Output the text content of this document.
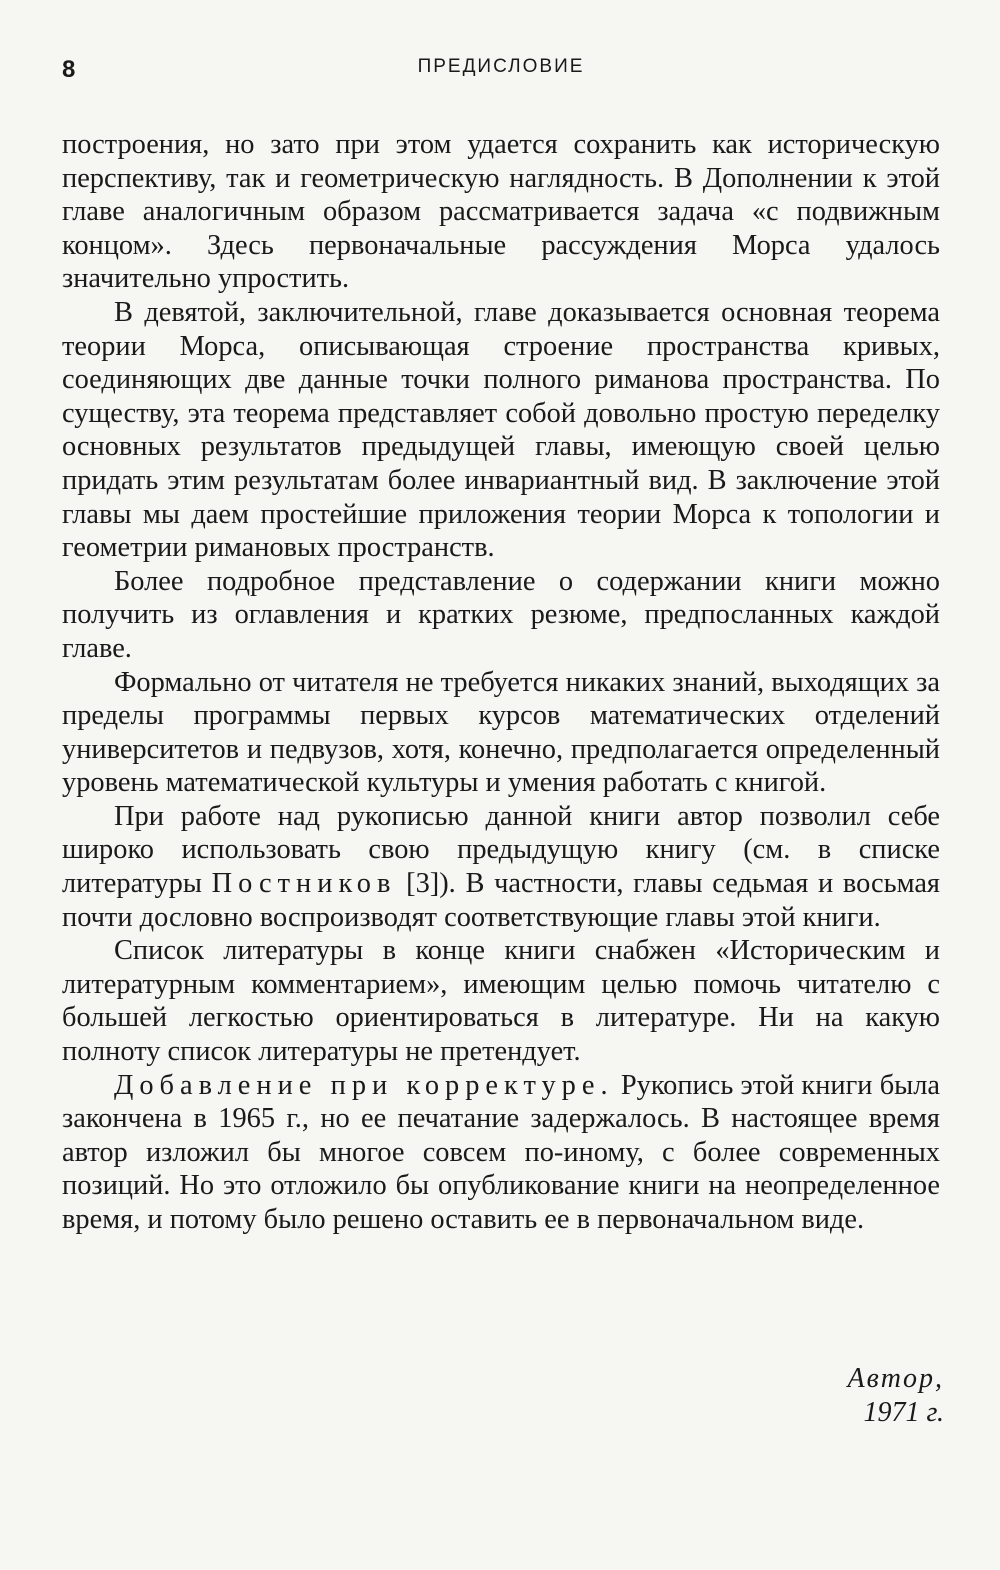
8	ПРЕДИСЛОВИЕ

построения, но зато при этом удается сохранить как историческую перспективу, так и геометрическую наглядность. В Дополнении к этой главе аналогичным образом рассматривается задача «с подвижным концом». Здесь первоначальные рассуждения Морса удалось значительно упростить.

В девятой, заключительной, главе доказывается основная теорема теории Морса, описывающая строение пространства кривых, соединяющих две данные точки полного риманова пространства. По существу, эта теорема представляет собой довольно простую переделку основных результатов предыдущей главы, имеющую своей целью придать этим результатам более инвариантный вид. В заключение этой главы мы даем простейшие приложения теории Морса к топологии и геометрии римановых пространств.

Более подробное представление о содержании книги можно получить из оглавления и кратких резюме, предпосланных каждой главе.

Формально от читателя не требуется никаких знаний, выходящих за пределы программы первых курсов математических отделений университетов и педвузов, хотя, конечно, предполагается определенный уровень математической культуры и умения работать с книгой.

При работе над рукописью данной книги автор позволил себе широко использовать свою предыдущую книгу (см. в списке литературы Постников [3]). В частности, главы седьмая и восьмая почти дословно воспроизводят соответствующие главы этой книги.

Список литературы в конце книги снабжен «Историческим и литературным комментарием», имеющим целью помочь читателю с большей легкостью ориентироваться в литературе. Ни на какую полноту список литературы не претендует.

Добавление при корректуре. Рукопись этой книги была закончена в 1965 г., но ее печатание задержалось. В настоящее время автор изложил бы многое совсем по-иному, с более современных позиций. Но это отложило бы опубликование книги на неопределенное время, и потому было решено оставить ее в первоначальном виде.

Автор,
1971 г.
